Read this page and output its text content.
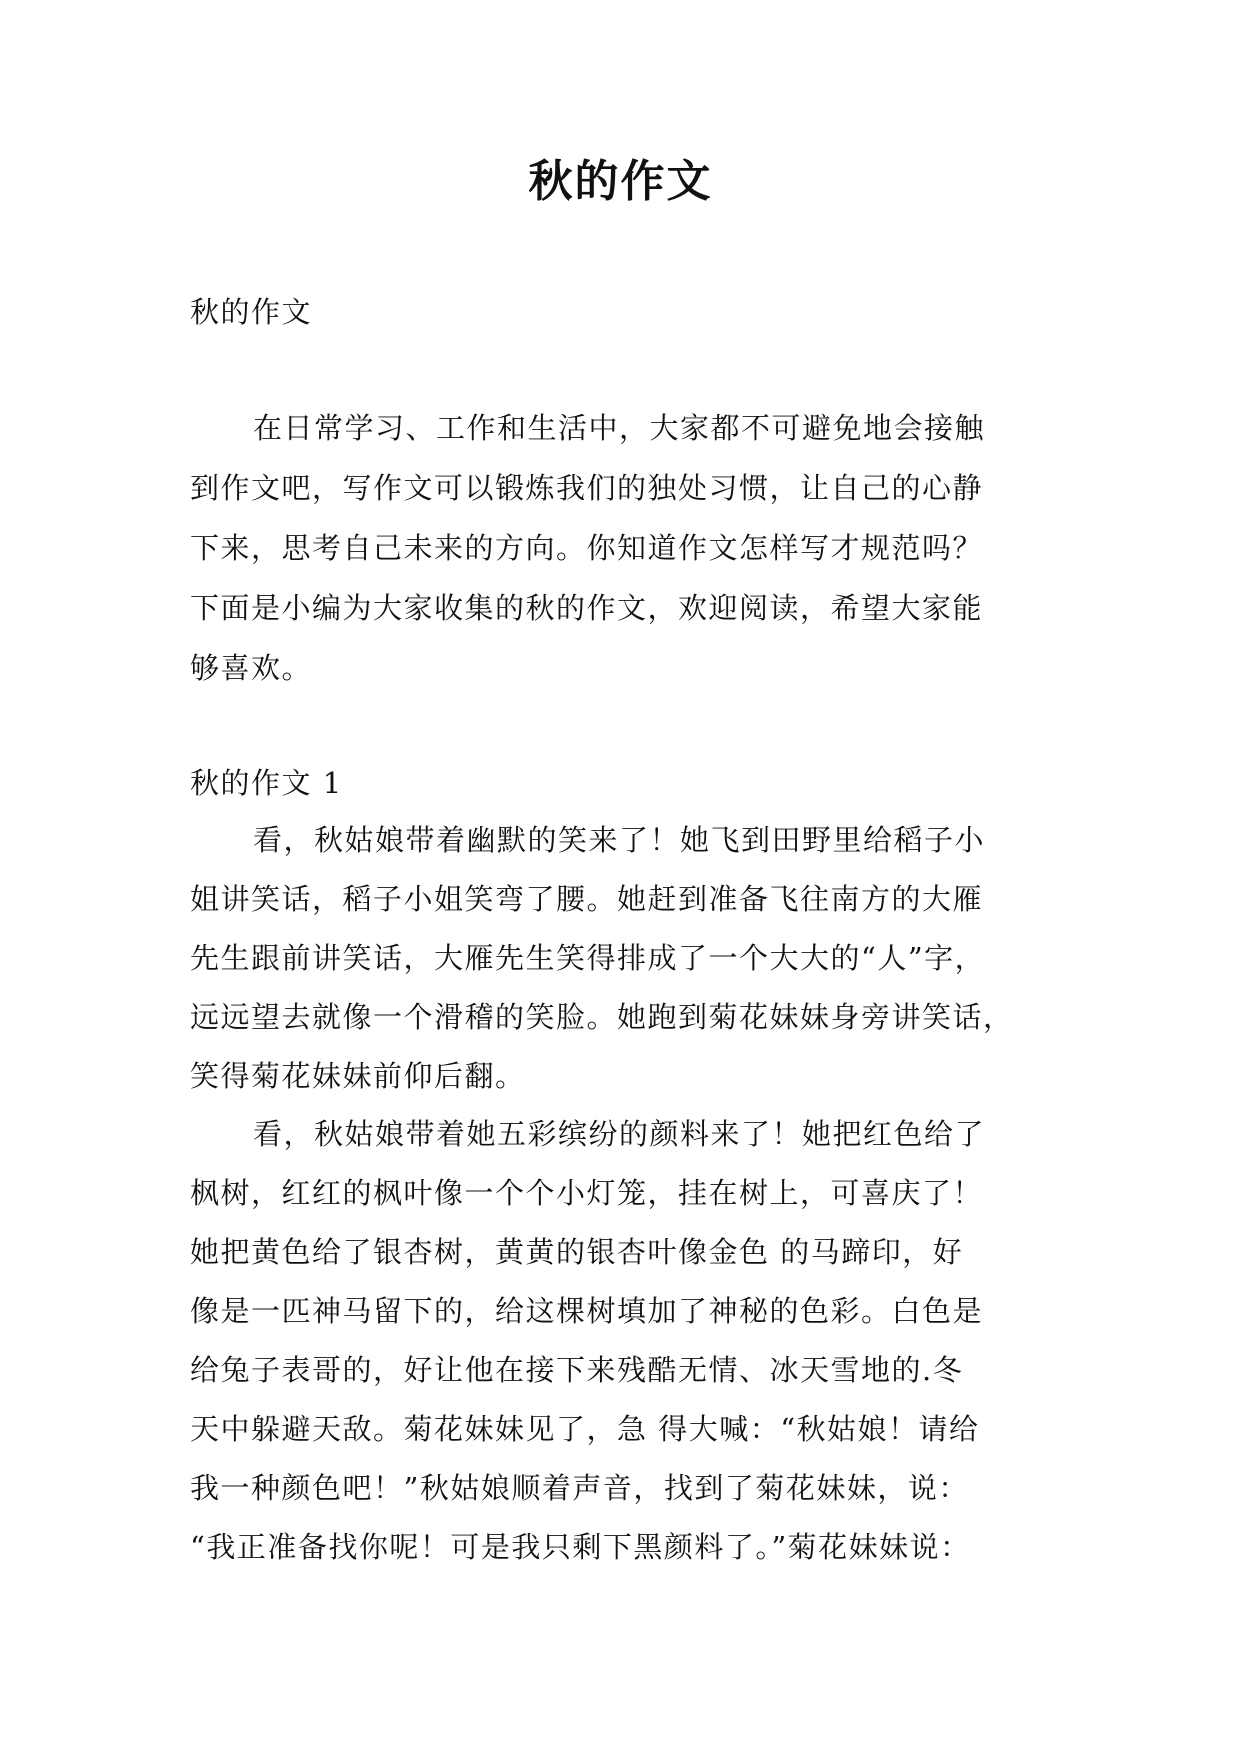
秋的作文
秋的作文
在日常学习、工作和生活中，大家都不可避免地会接触
到作文吧，写作文可以锻炼我们的独处习惯，让自己的心静
下来，思考自己未来的方向。你知道作文怎样写才规范吗？
下面是小编为大家收集的秋的作文，欢迎阅读，希望大家能
够喜欢。
秋的作文 1
看，秋姑娘带着幽默的笑来了！她飞到田野里给稻子小
姐讲笑话，稻子小姐笑弯了腰。她赶到准备飞往南方的大雁
先生跟前讲笑话，大雁先生笑得排成了一个大大的“人”字，
远远望去就像一个滑稽的笑脸。她跑到菊花妹妹身旁讲笑话，
笑得菊花妹妹前仰后翻。
看，秋姑娘带着她五彩缤纷的颜料来了！她把红色给了
枫树，红红的枫叶像一个个小灯笼，挂在树上，可喜庆了！
她把黄色给了银杏树，黄黄的银杏叶像金色 的马蹄印，好
像是一匹神马留下的，给这棵树填加了神秘的色彩。白色是
给兔子表哥的，好让他在接下来残酷无情、冰天雪地的.冬
天中躲避天敌。菊花妹妹见了，急 得大喊：“秋姑娘！请给
我一种颜色吧！”秋姑娘顺着声音，找到了菊花妹妹，说：
“我正准备找你呢！可是我只剩下黑颜料了。”菊花妹妹说：
